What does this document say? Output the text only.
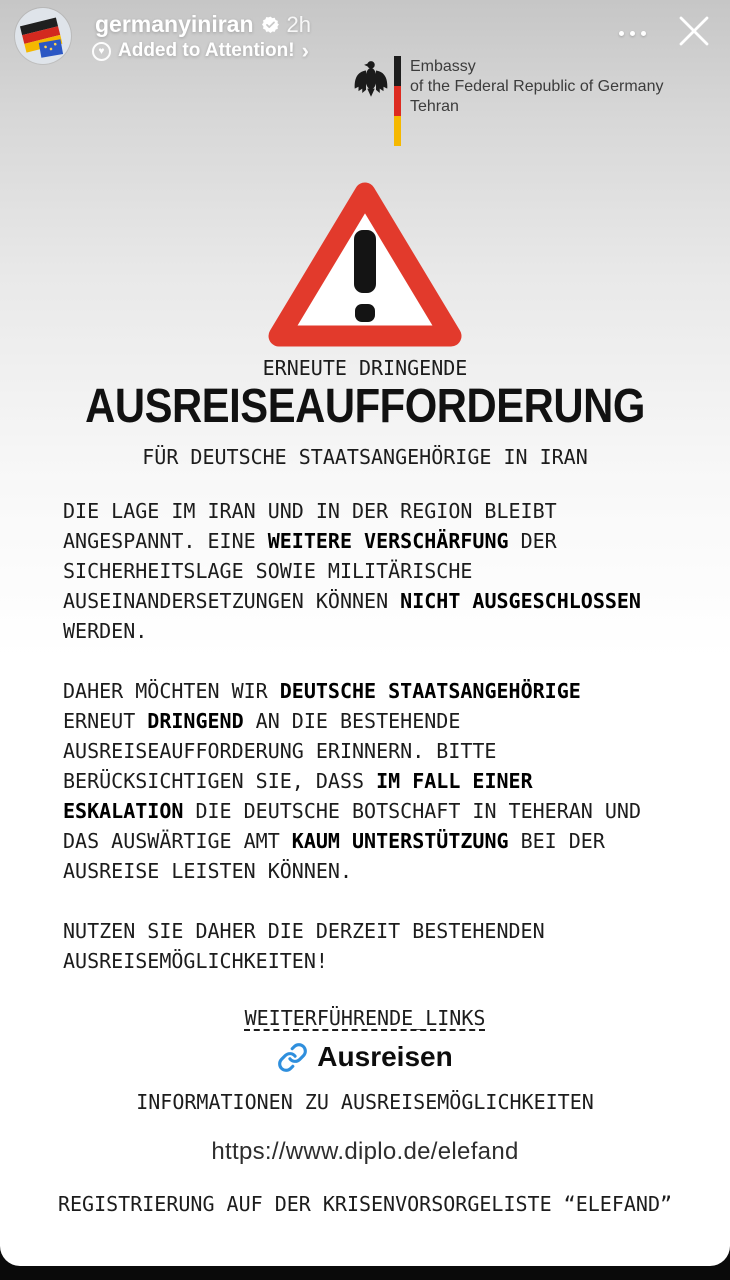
ERNEUTE DRINGENDE
AUSREISEAUFFORDERUNG
FÜR DEUTSCHE STAATSANGEHÖRIGE IN IRAN

DIE LAGE IM IRAN UND IN DER REGION BLEIBT ANGESPANNT. EINE WEITERE VERSCHÄRFUNG DER SICHERHEITSLAGE SOWIE MILITÄRISCHE AUSEINANDERSETZUNGEN KÖNNEN NICHT AUSGESCHLOSSEN WERDEN.

DAHER MÖCHTEN WIR DEUTSCHE STAATSANGEHÖRIGE ERNEUT DRINGEND AN DIE BESTEHENDE AUSREISEAUFFORDERUNG ERINNERN. BITTE BERÜCKSICHTIGEN SIE, DASS IM FALL EINER ESKALATION DIE DEUTSCHE BOTSCHAFT IN TEHERAN UND DAS AUSWÄRTIGE AMT KAUM UNTERSTÜTZUNG BEI DER AUSREISE LEISTEN KÖNNEN.

NUTZEN SIE DAHER DIE DERZEIT BESTEHENDEN AUSREISEMÖGLICHKEITEN!

WEITERFÜHRENDE_LINKS
Ausreisen
INFORMATIONEN ZU AUSREISEMÖGLICHKEITEN
https://www.diplo.de/elefand
REGISTRIERUNG AUF DER KRISENVORSORGELISTE “ELEFAND”
Embassy
of the Federal Republic of Germany
Tehran
germanyiniran 2h
♥ Added to Attention! ›
